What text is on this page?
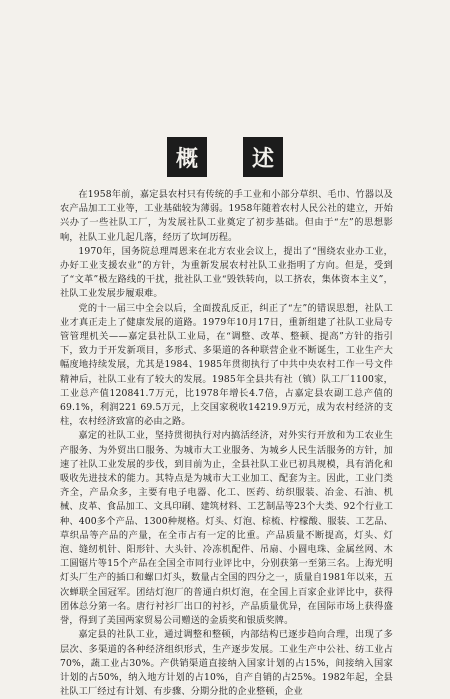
概	述

在1958年前，嘉定县农村只有传统的手工业和小部分草织、毛巾、竹器以及农产品加工工业等，工业基础较为薄弱。1958年随着农村人民公社的建立，开始兴办了一些社队工厂，为发展社队工业奠定了初步基础。但由于“左”的思想影响，社队工业几起几落，经历了坎坷历程。

1970年，国务院总理周恩来在北方农业会议上，提出了“围绕农业办工业，办好工业支援农业”的方针，为重新发展农村社队工业指明了方向。但是，受到了“文革”极左路线的干扰，批社队工业“毁铁转向，以工挤农，集体资本主义”，社队工业发展步履艰难。

党的十一届三中全会以后，全面拨乱反正，纠正了“左”的错误思想，社队工业才真正走上了健康发展的道路。1979年10月17日，重新组建了社队工业局专管管理机关——嘉定县社队工业局，在“调整、改革、整顿、提高”方针的指引下，致力于开发新项目，多形式、多渠道的各种联营企业不断诞生，工业生产大幅度地持续发展，尤其是1984、1985年贯彻执行了中共中央农村工作一号文件精神后，社队工业有了较大的发展。1985年全县共有社（镇）队工厂1100家，工业总产值120841.7万元，比1978年增长4.7倍，占嘉定县农副工总产值的69.1%，利润221 69.5万元，上交国家税收14219.9万元，成为农村经济的支柱，农村经济致富的必由之路。

嘉定的社队工业，坚持贯彻执行对内搞活经济，对外实行开放和为工农业生产服务、为外贸出口服务、为城市大工业服务、为城乡人民生活服务的方针，加速了社队工业发展的步伐，到目前为止，全县社队工业已初具规模，具有消化和吸收先进技术的能力。其特点是为城市大工业加工、配套为主。因此，工业门类齐全，产品众多，主要有电子电器、化工、医药、纺织服装、冶金、石油、机械、皮革、食品加工、文具印刷、建筑材料、工艺制品等23个大类、92个行业工种、400多个产品、1300种规格。灯头、灯泡、棕梳、柠檬酸、服装、工艺品、草织品等产品的产量，在全市占有一定的比重。产品质量不断提高，灯头、灯泡、缝纫机针、阳形针、大头针、冷冻机配件、吊扇、小圆电珠、金属丝网、木工圆锯片等15个产品在全国全市同行业评比中，分别获第一至第三名。上海光明灯头厂生产的插口和螺口灯头，数量占全国的四分之一，质量自1981年以来，五次蝉联全国冠军。团结灯泡厂的普通白炽灯泡，在全国上百家企业评比中，获得团体总分第一名。唐行衬衫厂出口的衬衫，产品质量优异，在国际市场上获得盛誉，得到了美国两家贸易公司赠送的金质奖和银质奖牌。

嘉定县的社队工业，通过调整和整顿，内部结构已逐步趋向合理，出现了多层次、多渠道的各种经济组织形式，生产逐步发展。工业生产中公社、纺工业占70%，蔬工业占30%。产供销渠道直接纳入国家计划的占15%，间接纳入国家计划的占50%，纳入地方计划的占10%，自产自销的占25%。1982年起，全县社队工厂经过有计划、有步骤、分期分批的企业整顿，企业
